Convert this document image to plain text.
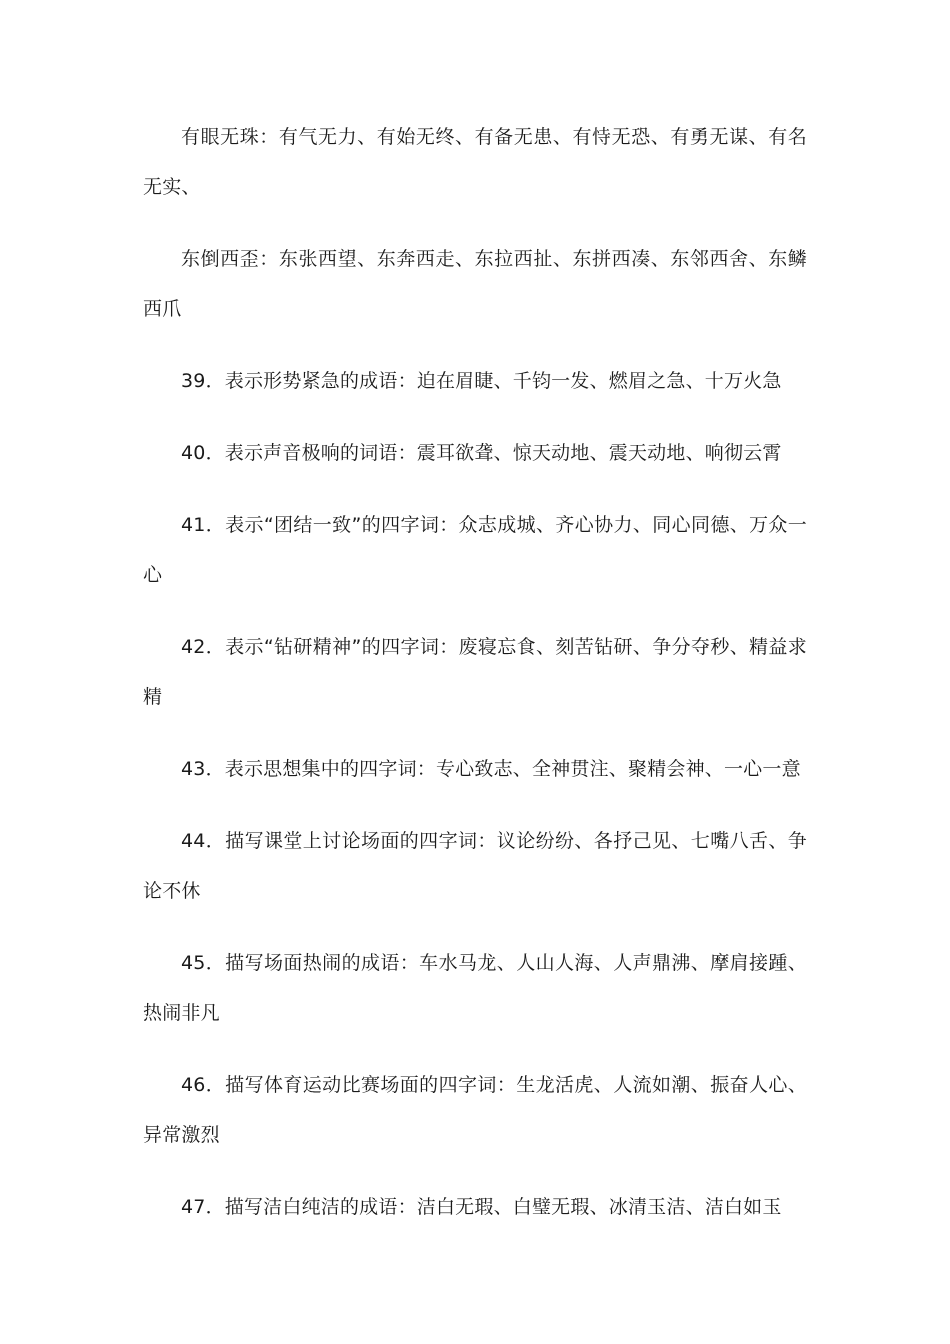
有眼无珠：有气无力、有始无终、有备无患、有恃无恐、有勇无谋、有名无实、

东倒西歪：东张西望、东奔西走、东拉西扯、东拼西凑、东邻西舍、东鳞西爪

39．表示形势紧急的成语：迫在眉睫、千钧一发、燃眉之急、十万火急

40．表示声音极响的词语：震耳欲聋、惊天动地、震天动地、响彻云霄

41．表示“团结一致”的四字词：众志成城、齐心协力、同心同德、万众一心

42．表示“钻研精神”的四字词：废寝忘食、刻苦钻研、争分夺秒、精益求精

43．表示思想集中的四字词：专心致志、全神贯注、聚精会神、一心一意

44．描写课堂上讨论场面的四字词：议论纷纷、各抒己见、七嘴八舌、争论不休

45．描写场面热闹的成语：车水马龙、人山人海、人声鼎沸、摩肩接踵、热闹非凡

46．描写体育运动比赛场面的四字词：生龙活虎、人流如潮、振奋人心、异常激烈

47．描写洁白纯洁的成语：洁白无瑕、白璧无瑕、冰清玉洁、洁白如玉
